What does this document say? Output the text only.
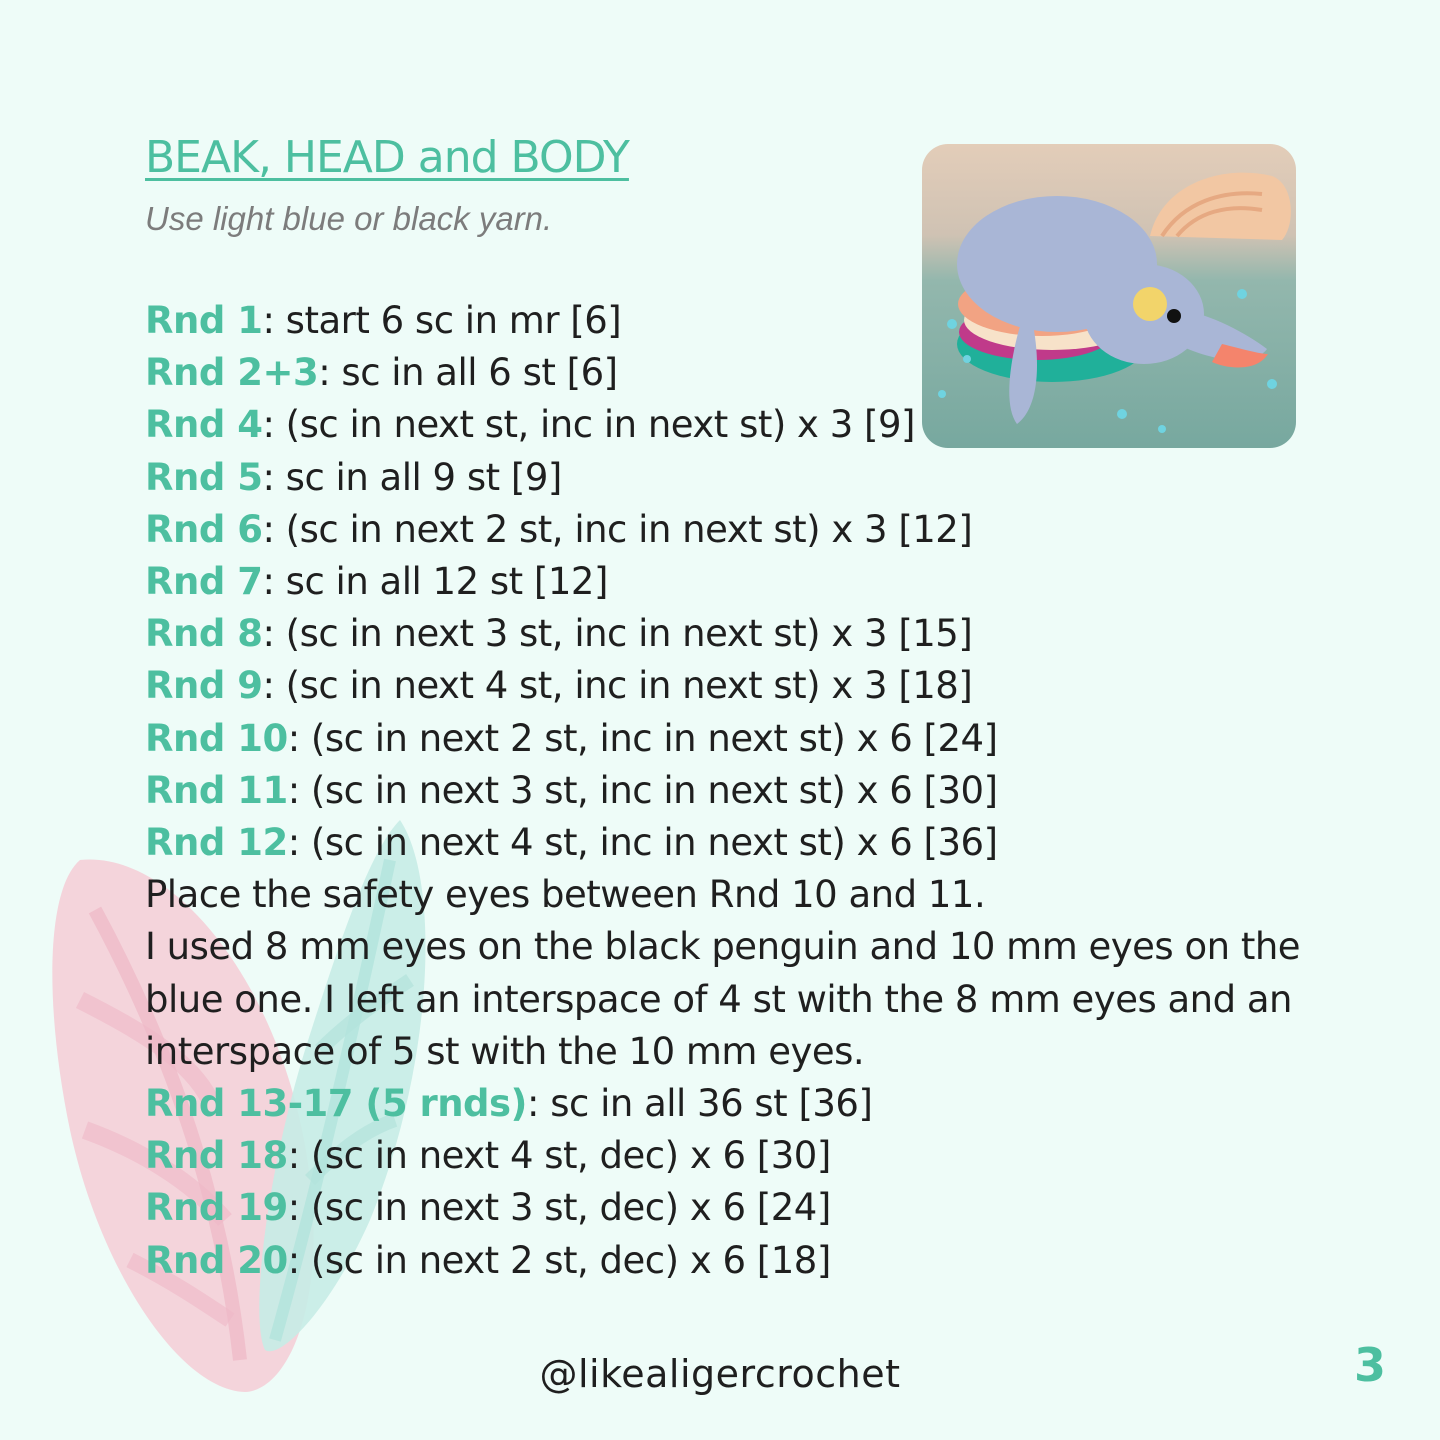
BEAK, HEAD and BODY

Use light blue or black yarn.

Rnd 1: start 6 sc in mr [6]
Rnd 2+3: sc in all 6 st [6]
Rnd 4: (sc in next st, inc in next st) x 3 [9]
Rnd 5: sc in all 9 st [9]
Rnd 6: (sc in next 2 st, inc in next st) x 3 [12]
Rnd 7: sc in all 12 st [12]
Rnd 8: (sc in next 3 st, inc in next st) x 3 [15]
Rnd 9: (sc in next 4 st, inc in next st) x 3 [18]
Rnd 10: (sc in next 2 st, inc in next st) x 6 [24]
Rnd 11: (sc in next 3 st, inc in next st) x 6 [30]
Rnd 12: (sc in next 4 st, inc in next st) x 6 [36]
Place the safety eyes between Rnd 10 and 11.
I used 8 mm eyes on the black penguin and 10 mm eyes on the blue one. I left an interspace of 4 st with the 8 mm eyes and an interspace of 5 st with the 10 mm eyes.
Rnd 13-17 (5 rnds): sc in all 36 st [36]
Rnd 18: (sc in next 4 st, dec) x 6 [30]
Rnd 19: (sc in next 3 st, dec) x 6 [24]
Rnd 20: (sc in next 2 st, dec) x 6 [18]
@likealigercrochet	3
